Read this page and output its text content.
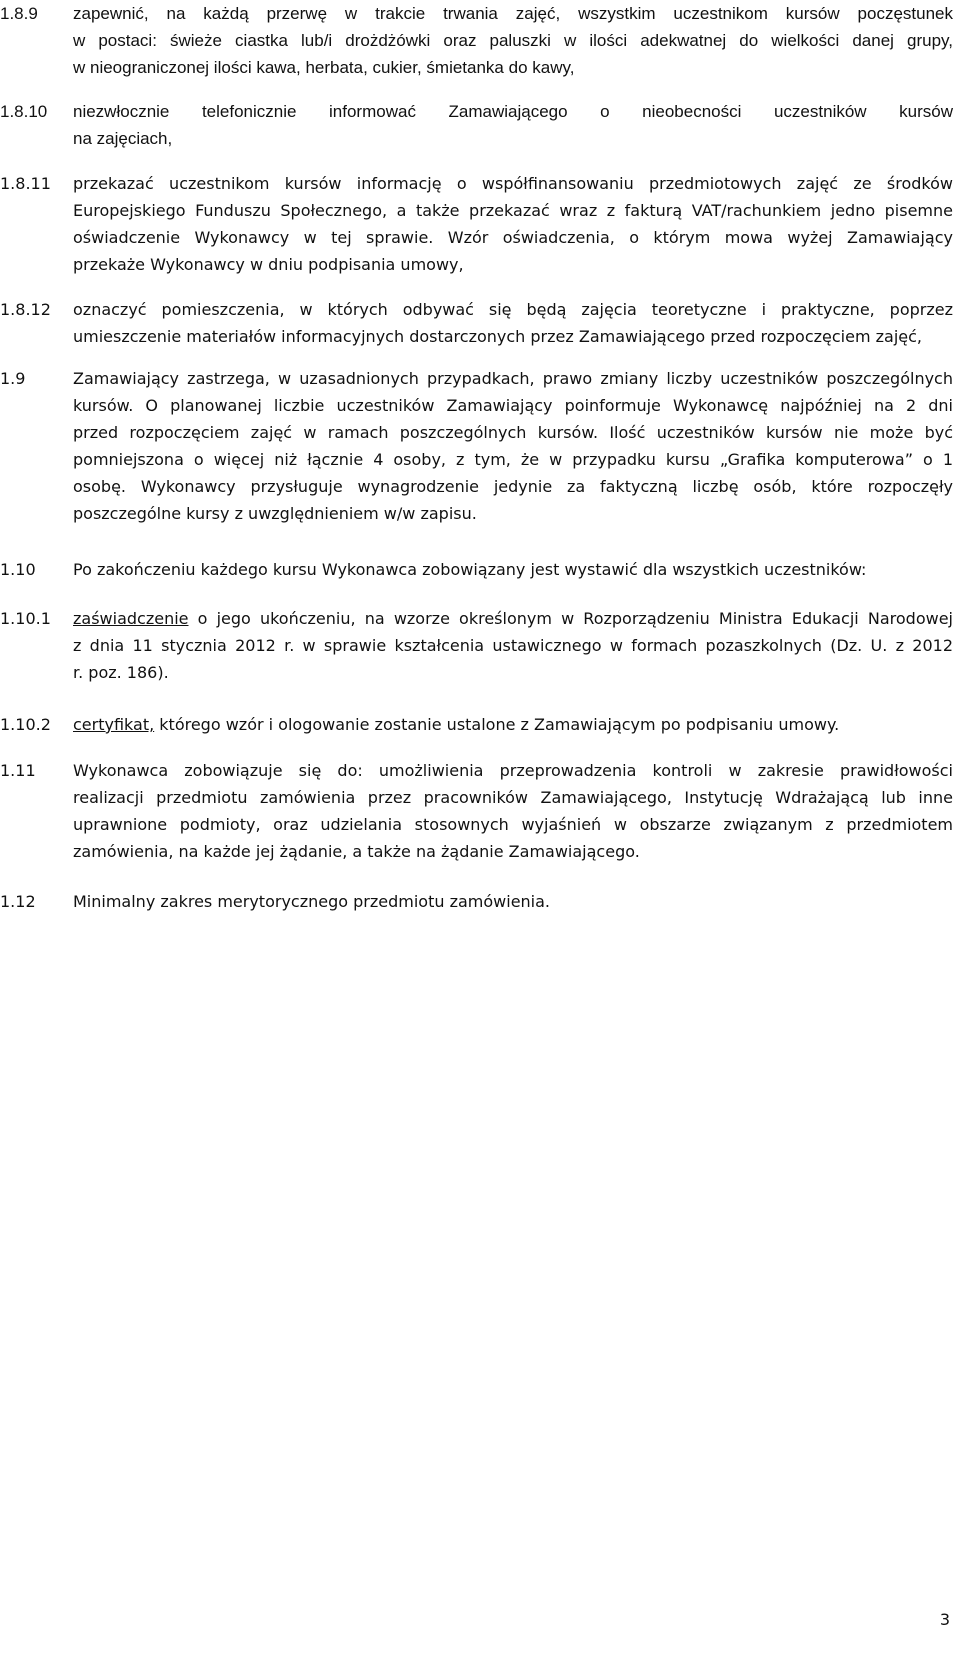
1.8.9 zapewnić, na każdą przerwę w trakcie trwania zajęć, wszystkim uczestnikom kursów poczęstunek
w postaci: świeże ciastka lub/i drożdżówki oraz paluszki w ilości adekwatnej do wielkości danej grupy,
w nieograniczonej ilości kawa, herbata, cukier, śmietanka do kawy,
1.8.10 niezwłocznie telefonicznie informować Zamawiającego o nieobecności uczestników kursów
na zajęciach,
1.8.11 przekazać uczestnikom kursów informację o współfinansowaniu przedmiotowych zajęć ze środków
Europejskiego Funduszu Społecznego, a także przekazać wraz z fakturą VAT/rachunkiem jedno pisemne
oświadczenie Wykonawcy w tej sprawie. Wzór oświadczenia, o którym mowa wyżej Zamawiający
przekaże Wykonawcy w dniu podpisania umowy,
1.8.12 oznaczyć pomieszczenia, w których odbywać się będą zajęcia teoretyczne i praktyczne, poprzez
umieszczenie materiałów informacyjnych dostarczonych przez Zamawiającego przed rozpoczęciem zajęć,
1.9	Zamawiający zastrzega, w uzasadnionych przypadkach, prawo zmiany liczby uczestników poszczególnych
kursów. O planowanej liczbie uczestników Zamawiający poinformuje Wykonawcę najpóźniej na 2 dni
przed rozpoczęciem zajęć w ramach poszczególnych kursów. Ilość uczestników kursów nie może być
pomniejszona o więcej niż łącznie 4 osoby, z tym, że w przypadku kursu „Grafika komputerowa” o 1
osobę. Wykonawcy przysługuje wynagrodzenie jedynie za faktyczną liczbę osób, które rozpoczęły
poszczególne kursy z uwzględnieniem w/w zapisu.
1.10 Po zakończeniu każdego kursu Wykonawca zobowiązany jest wystawić dla wszystkich uczestników:
1.10.1 zaświadczenie o jego ukończeniu, na wzorze określonym w Rozporządzeniu Ministra Edukacji Narodowej
z dnia 11 stycznia 2012 r. w sprawie kształcenia ustawicznego w formach pozaszkolnych (Dz. U. z 2012
r. poz. 186).
1.10.2 certyfikat, którego wzór i ologowanie zostanie ustalone z Zamawiającym po podpisaniu umowy.
1.11 Wykonawca zobowiązuje się do: umożliwienia przeprowadzenia kontroli w zakresie prawidłowości
realizacji przedmiotu zamówienia przez pracowników Zamawiającego, Instytucję Wdrażającą lub inne
uprawnione podmioty, oraz udzielania stosownych wyjaśnień w obszarze związanym z przedmiotem
zamówienia, na każde jej żądanie, a także na żądanie Zamawiającego.
1.12 Minimalny zakres merytorycznego przedmiotu zamówienia.
3
